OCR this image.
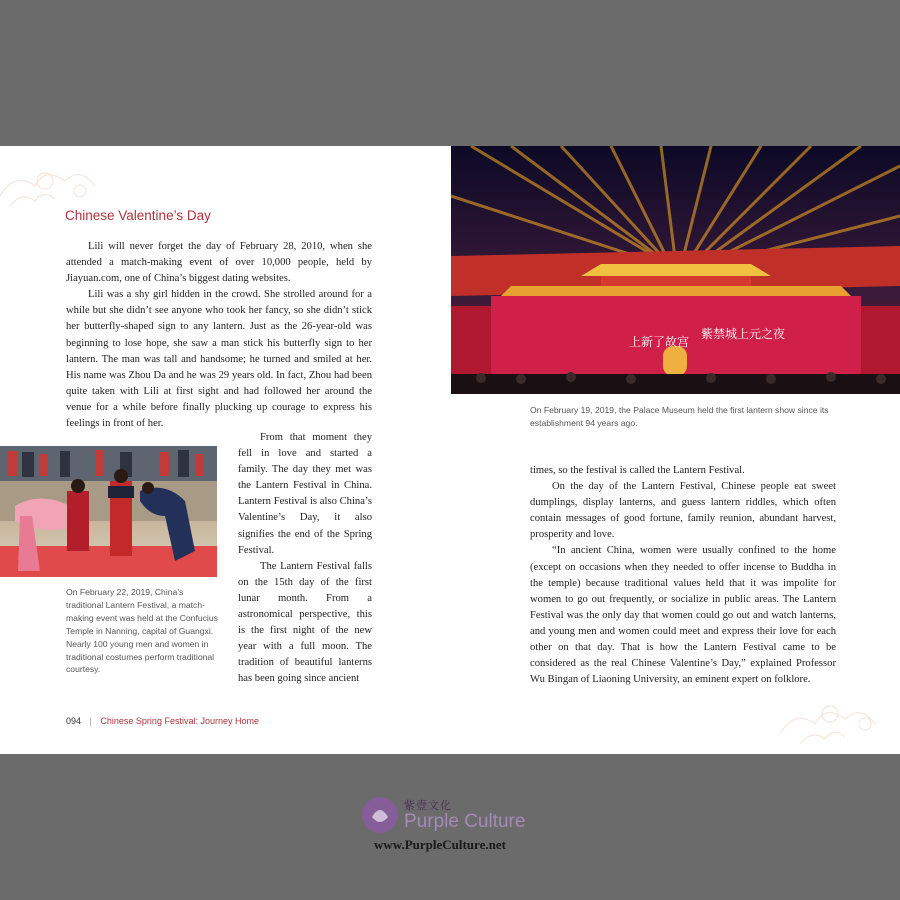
Chinese Valentine’s Day

Lili will never forget the day of February 28, 2010, when she attended a match-making event of over 10,000 people, held by Jiayuan.com, one of China’s biggest dating websites.

Lili was a shy girl hidden in the crowd. She strolled around for a while but she didn’t see anyone who took her fancy, so she didn’t stick her butterfly-shaped sign to any lantern. Just as the 26-year-old was beginning to lose hope, she saw a man stick his butterfly sign to her lantern. The man was tall and handsome; he turned and smiled at her. His name was Zhou Da and he was 29 years old. In fact, Zhou had been quite taken with Lili at first sight and had followed her around the venue for a while before finally plucking up courage to express his feelings in front of her.

From that moment they fell in love and started a family. The day they met was the Lantern Festival in China. Lantern Festival is also China’s Valentine’s Day, it also signifies the end of the Spring Festival.

The Lantern Festival falls on the 15th day of the first lunar month. From a astronomical perspective, this is the first night of the new year with a full moon. The tradition of beautiful lanterns has been going since ancient

On February 22, 2019, China’s traditional Lantern Festival, a match-making event was held at the Confucius Temple in Nanning, capital of Guangxi. Nearly 100 young men and women in traditional costumes perform traditional courtesy.

094 | Chinese Spring Festival: Journey Home
上新了故宫
紫禁城上元之夜

On February 19, 2019, the Palace Museum held the first lantern show since its establishment 94 years ago.

times, so the festival is called the Lantern Festival.

On the day of the Lantern Festival, Chinese people eat sweet dumplings, display lanterns, and guess lantern riddles, which often contain messages of good fortune, family reunion, abundant harvest, prosperity and love.

“In ancient China, women were usually confined to the home (except on occasions when they needed to offer incense to Buddha in the temple) because traditional values held that it was impolite for women to go out frequently, or socialize in public areas. The Lantern Festival was the only day that women could go out and watch lanterns, and young men and women could meet and express their love for each other on that day. That is how the Lantern Festival came to be considered as the real Chinese Valentine’s Day,” explained Professor Wu Bingan of Liaoning University, an eminent expert on folklore.

紫壹文化
Purple Culture
www.PurpleCulture.net
